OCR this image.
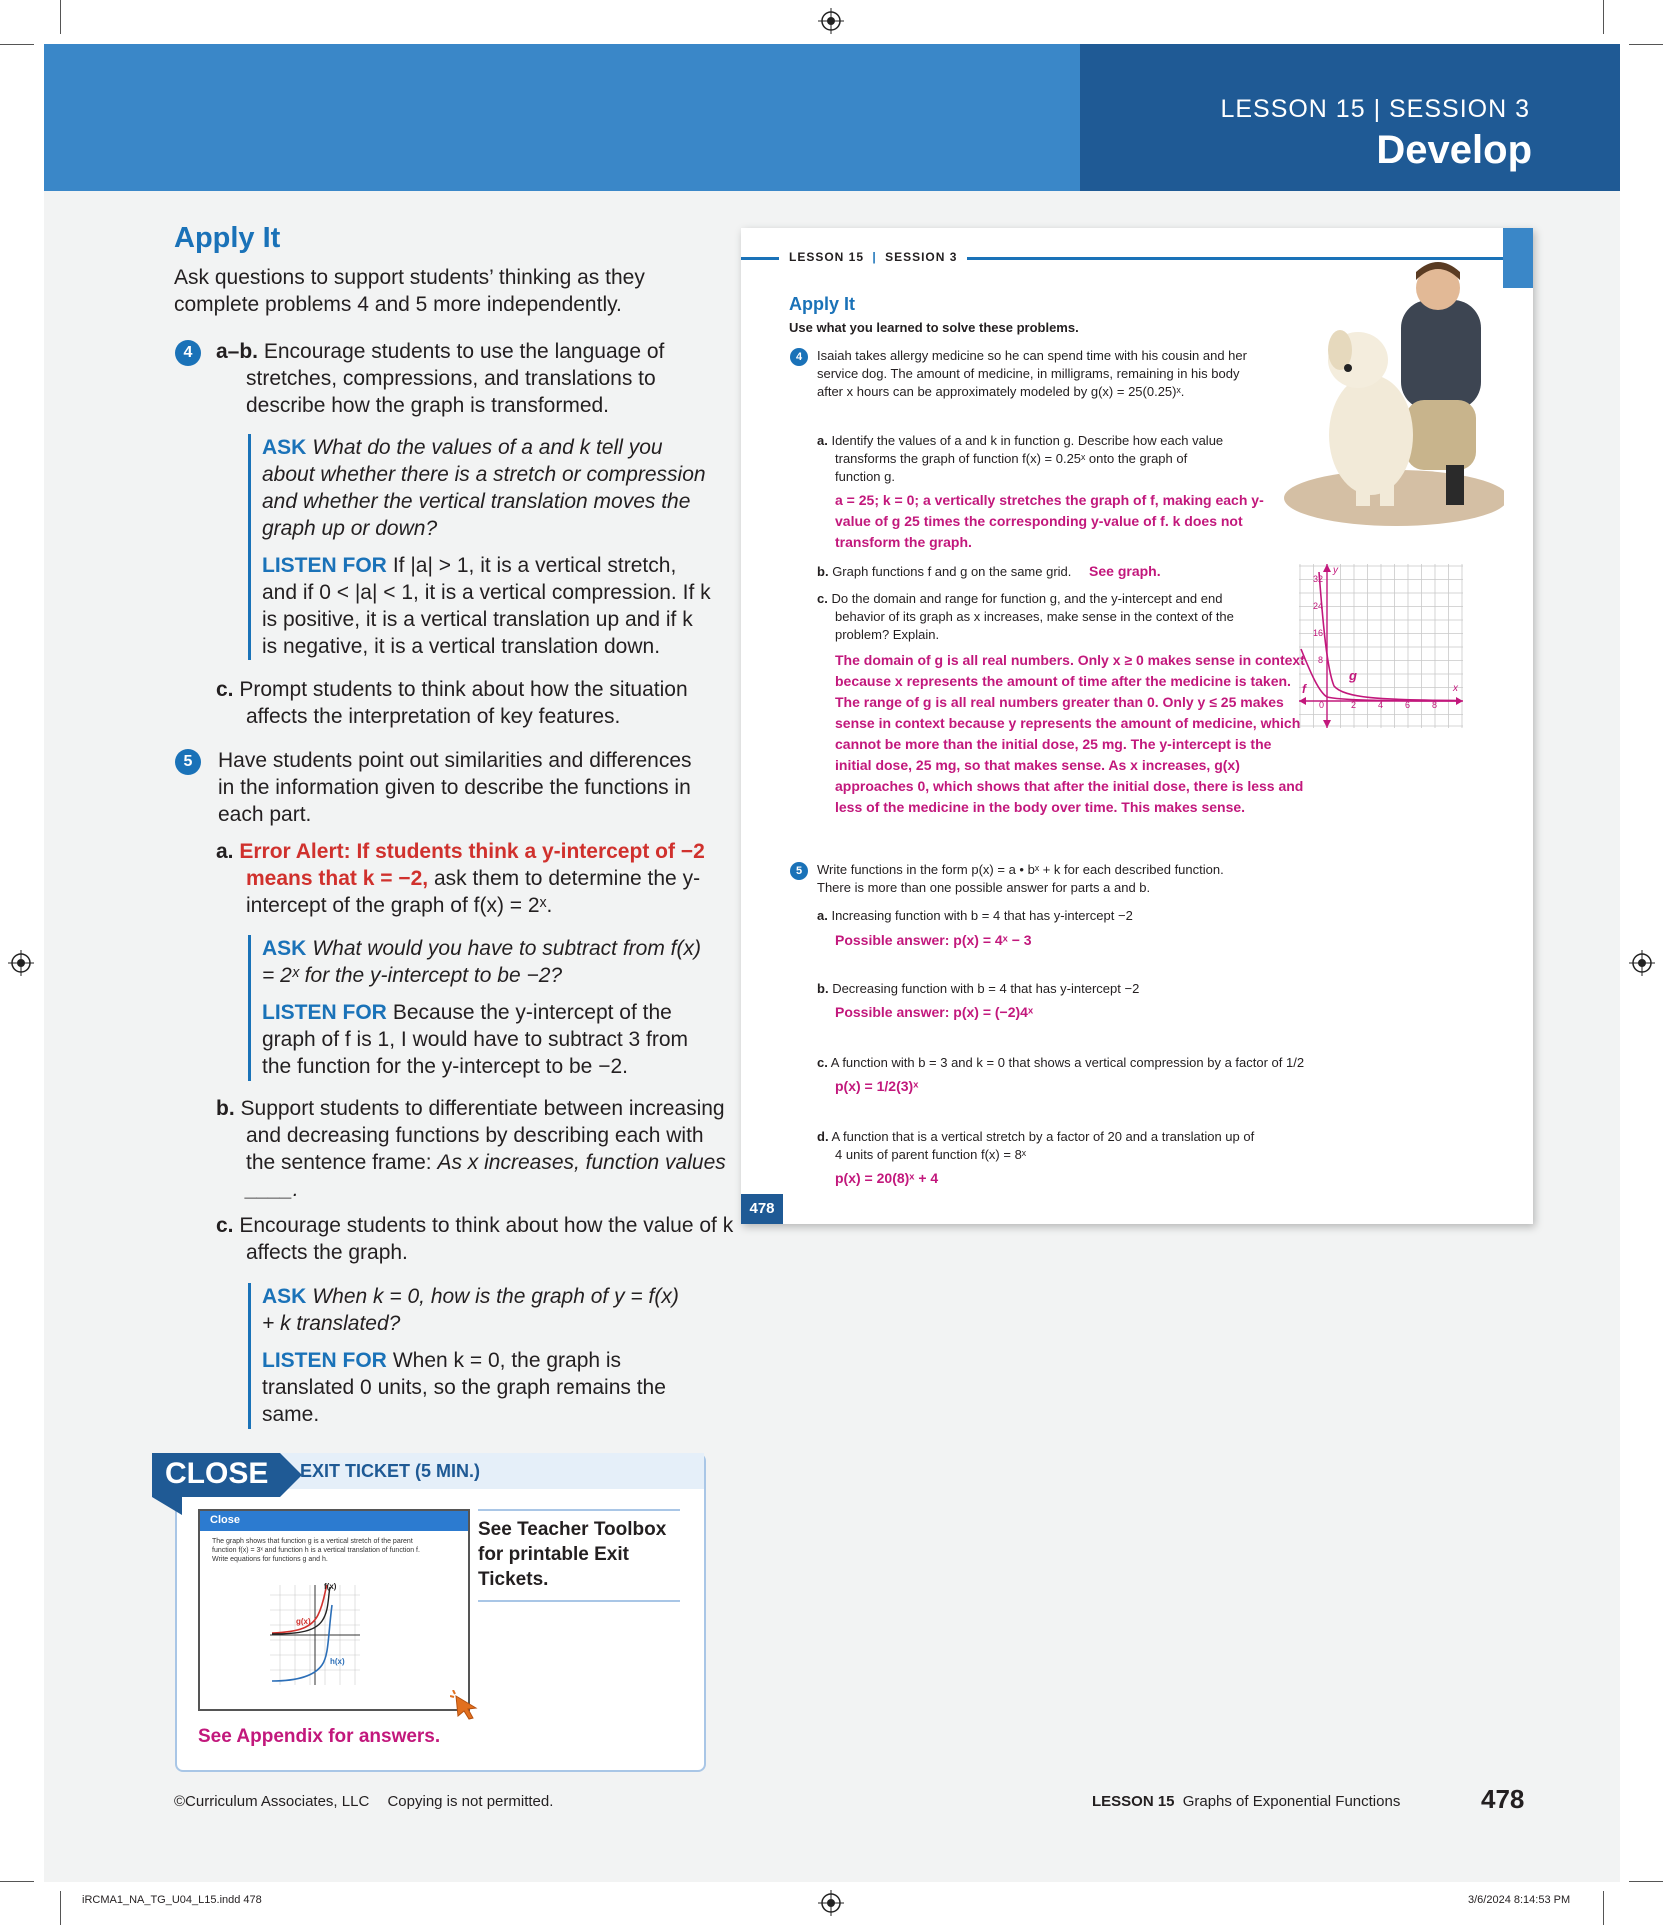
LESSON 15 | SESSION 3
Develop
Apply It
Ask questions to support students’ thinking as they complete problems 4 and 5 more independently.
4	a–b. Encourage students to use the language of stretches, compressions, and translations to describe how the graph is transformed.
ASK What do the values of a and k tell you about whether there is a stretch or compression and whether the vertical translation moves the graph up or down?
LISTEN FOR If |a| > 1, it is a vertical stretch, and if 0 < |a| < 1, it is a vertical compression. If k is positive, it is a vertical translation up and if k is negative, it is a vertical translation down.
c. Prompt students to think about how the situation affects the interpretation of key features.
5	Have students point out similarities and differences in the information given to describe the functions in each part.
a. Error Alert: If students think a y-intercept of −2 means that k = −2, ask them to determine the y-intercept of the graph of f(x) = 2ˣ.
ASK What would you have to subtract from f(x) = 2ˣ for the y-intercept to be −2?
LISTEN FOR Because the y-intercept of the graph of f is 1, I would have to subtract 3 from the function for the y-intercept to be −2.
b. Support students to differentiate between increasing and decreasing functions by describing each with the sentence frame: As x increases, function values ____.
c. Encourage students to think about how the value of k affects the graph.
ASK When k = 0, how is the graph of y = f(x) + k translated?
LISTEN FOR When k = 0, the graph is translated 0 units, so the graph remains the same.
CLOSE EXIT TICKET (5 MIN.)
Close
The graph shows that function g is a vertical stretch of the parent function f(x) = 3ˣ and function h is a vertical translation of function f. Write equations for functions g and h.
f(x)
g(x)
h(x)
See Teacher Toolbox for printable Exit Tickets.
See Appendix for answers.
LESSON 15 | SESSION 3
Apply It
Use what you learned to solve these problems.
4	Isaiah takes allergy medicine so he can spend time with his cousin and her service dog. The amount of medicine, in milligrams, remaining in his body after x hours can be approximately modeled by g(x) = 25(0.25)ˣ.
a. Identify the values of a and k in function g. Describe how each value transforms the graph of function f(x) = 0.25ˣ onto the graph of function g.
a = 25; k = 0; a vertically stretches the graph of f, making each y-value of g 25 times the corresponding y-value of f. k does not transform the graph.
b. Graph functions f and g on the same grid. See graph.
c. Do the domain and range for function g, and the y-intercept and end behavior of its graph as x increases, make sense in the context of the problem? Explain.
The domain of g is all real numbers. Only x ≥ 0 makes sense in context because x represents the amount of time after the medicine is taken. The range of g is all real numbers greater than 0. Only y ≤ 25 makes sense in context because y represents the amount of medicine, which cannot be more than the initial dose, 25 mg. The y-intercept is the initial dose, 25 mg, so that makes sense. As x increases, g(x) approaches 0, which shows that after the initial dose, there is less and less of the medicine in the body over time. This makes sense.
32
24
16
8
0	2 4 6 8
x
y
f
g
5	Write functions in the form p(x) = a • bˣ + k for each described function. There is more than one possible answer for parts a and b.
a. Increasing function with b = 4 that has y-intercept −2
Possible answer: p(x) = 4ˣ − 3
b. Decreasing function with b = 4 that has y-intercept −2
Possible answer: p(x) = (−2)4ˣ
c. A function with b = 3 and k = 0 that shows a vertical compression by a factor of 1/2
p(x) = 1/2(3)ˣ
d. A function that is a vertical stretch by a factor of 20 and a translation up of 4 units of parent function f(x) = 8ˣ
p(x) = 20(8)ˣ + 4
478
©Curriculum Associates, LLC Copying is not permitted.	LESSON 15 Graphs of Exponential Functions	478
iRCMA1_NA_TG_U04_L15.indd 478	3/6/2024 8:14:53 PM
